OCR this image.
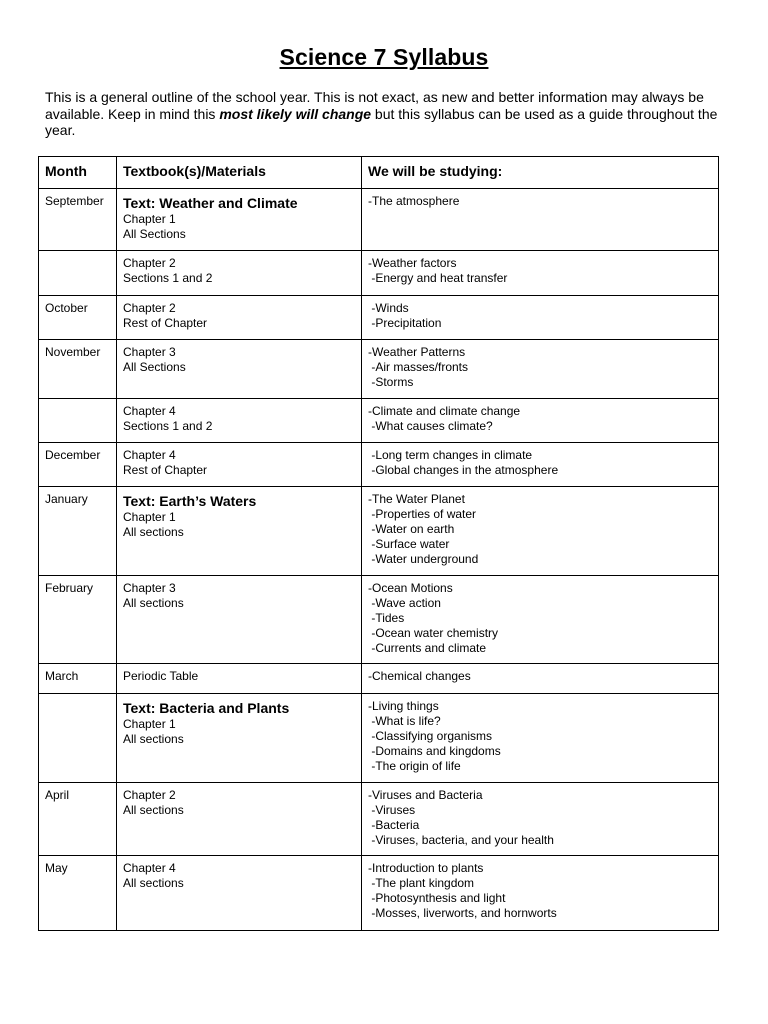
Science 7 Syllabus
This is a general outline of the school year. This is not exact, as new and better information may always be available. Keep in mind this most likely will change but this syllabus can be used as a guide throughout the year.
Month	Textbook(s)/Materials	We will be studying:
September	Text: Weather and Climate
Chapter 1
All Sections	-The atmosphere

	Chapter 2
Sections 1 and 2	-Weather factors
-Energy and heat transfer

October	Chapter 2
Rest of Chapter	-Winds
-Precipitation

November	Chapter 3
All Sections	-Weather Patterns
-Air masses/fronts
-Storms

	Chapter 4
Sections 1 and 2	-Climate and climate change
-What causes climate?

December	Chapter 4
Rest of Chapter	-Long term changes in climate
-Global changes in the atmosphere

January	Text: Earth’s Waters
Chapter 1
All sections	-The Water Planet
-Properties of water
-Water on earth
-Surface water
-Water underground

February	Chapter 3
All sections	-Ocean Motions
-Wave action
-Tides
-Ocean water chemistry
-Currents and climate

March	Periodic Table	-Chemical changes

	Text: Bacteria and Plants
Chapter 1
All sections	-Living things
-What is life?
-Classifying organisms
-Domains and kingdoms
-The origin of life

April	Chapter 2
All sections	-Viruses and Bacteria
-Viruses
-Bacteria
-Viruses, bacteria, and your health

May	Chapter 4
All sections	-Introduction to plants
-The plant kingdom
-Photosynthesis and light
-Mosses, liverworts, and hornworts
